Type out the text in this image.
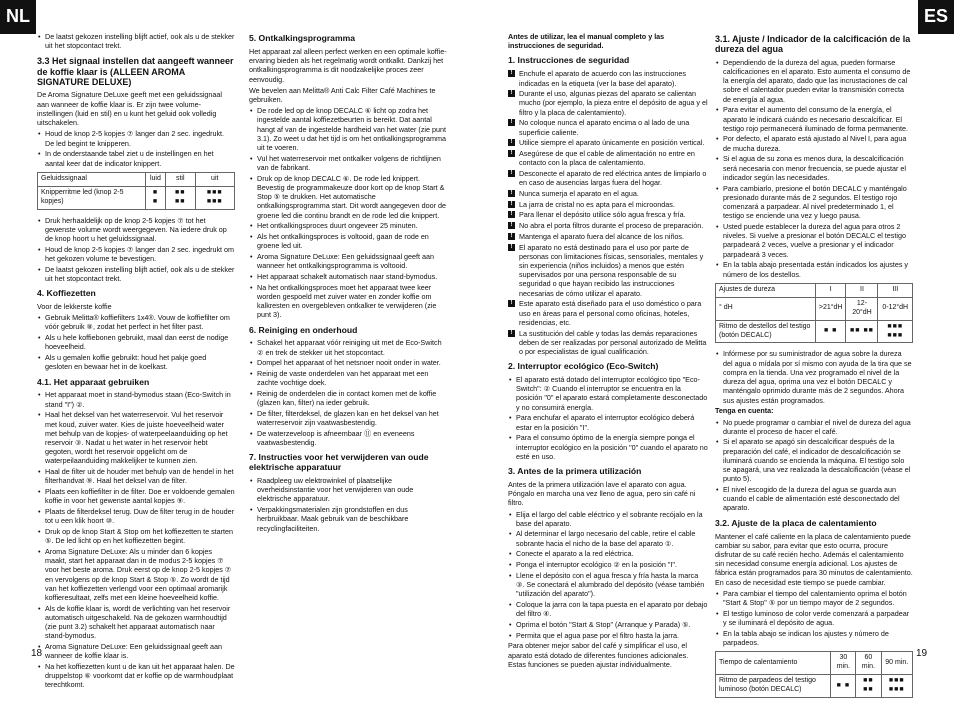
NL	ES
• De laatst gekozen instelling blijft actief, ook als u de stekker uit het stopcontact trekt.
3.3 Het signaal instellen dat aangeeft wanneer de koffie klaar is (ALLEEN AROMA SIGNATURE DELUXE)

De Aroma Signature DeLuxe geeft met een geluidssignaal aan wanneer de koffie klaar is. Er zijn twee volume-instellingen (luid en stil) en u kunt het geluid ook volledig uitschakelen.

• Houd de knop 2-5 kopjes ⑦ langer dan 2 sec. ingedrukt. De led begint te knipperen.
• In de onderstaande tabel ziet u de instellingen en het aantal keer dat de indicator knippert.
Geluidssignaal	luid	stil	uit
Knipperritme led (knop 2-5 kopjes)	■ ■	■■ ■■	■■■ ■■■
• Druk herhaaldelijk op de knop 2-5 kopjes ⑦ tot het gewenste volume wordt weergegeven. Na iedere druk op de knop hoort u het geluidssignaal.
• Houd de knop 2-5 kopjes ⑦ langer dan 2 sec. ingedrukt om het gekozen volume te bevestigen.
• De laatst gekozen instelling blijft actief, ook als u de stekker uit het stopcontact trekt.
4. Koffiezetten

Voor de lekkerste koffie

• Gebruik Melitta® koffiefilters 1x4®. Vouw de koffiefilter om vóór gebruik ⑧, zodat het perfect in het filter past.
• Als u hele koffiebonen gebruikt, maal dan eerst de nodige hoeveelheid.
• Als u gemalen koffie gebruikt: houd het pakje goed gesloten en bewaar het in de koelkast.
4.1. Het apparaat gebruiken
• Het apparaat moet in stand-bymodus staan (Eco-Switch in stand "I") ②.
• Haal het deksel van het waterreservoir. Vul het reservoir met koud, zuiver water. Kies de juiste hoeveelheid water met behulp van de kopjes- of waterpeelaanduiding op het reservoir ③. Nadat u het water in het reservoir hebt gegoten, wordt het reservoir opgelicht om de waterpeilaanduiding makkelijker te kunnen zien.
• Haal de filter uit de houder met behulp van de hendel in het filterhandvat ⑨. Haal het deksel van de filter.
• Plaats een koffiefilter in de filter. Doe er voldoende gemalen koffie in voor het gewenste aantal kopjes ⑨.
• Plaats de filterdeksel terug. Duw de filter terug in de houder tot u een klik hoort ⑩.
• Druk op de knop Start & Stop om het koffiezetten te starten ⑤. De led licht op en het koffiezetten begint.
• Aroma Signature DeLuxe: Als u minder dan 6 kopjes maakt, start het apparaat dan in de modus 2-5 kopjes ⑦ voor het beste aroma. Druk eerst op de knop 2-5 kopjes ⑦ en vervolgens op de knop Start & Stop ⑤. Zo wordt de tijd van het koffiezetten verlengd voor een optimaal aromarijk koffieresultaat, zelfs met een kleine hoeveelheid koffie.
• Als de koffie klaar is, wordt de verlichting van het reservoir automatisch uitgeschakeld. Na de gekozen warmhoudtijd (zie punt 3.2) schakelt het apparaat automatisch naar stand-bymodus.
• Aroma Signature DeLuxe: Een geluidssignaal geeft aan wanneer de koffie klaar is.
• Na het koffiezetten kunt u de kan uit het apparaat halen. De druppelstop ⑥ voorkomt dat er koffie op de warmhoudplaat terechtkomt.
5. Ontkalkingsprogramma

Het apparaat zal alleen perfect werken en een optimale koffie-ervaring bieden als het regelmatig wordt ontkalkt. Dankzij het ontkalkingsprogramma is dit noodzakelijke proces zeer eenvoudig.

We bevelen aan Melitta® Anti Calc Filter Café Machines te gebruiken.

• De rode led op de knop DECALC ⑥ licht op zodra het ingestelde aantal koffiezetbeurten is bereikt. Dat aantal hangt af van de ingestelde hardheid van het water (zie punt 3.1). Zo weet u dat het tijd is om het ontkalkingsprogramma uit te voeren.
• Vul het waterreservoir met ontkalker volgens de richtlijnen van de fabrikant.
• Druk op de knop DECALC ⑥. De rode led knippert. Bevestig de programmakeuze door kort op de knop Start & Stop ⑤ te drukken. Het automatische ontkalkingsprogramma start. Dit wordt aangegeven door de groene led die continu brandt en de rode led die knippert.
• Het ontkalkingsproces duurt ongeveer 25 minuten.
• Als het ontkalkingsproces is voltooid, gaan de rode en groene led uit.
• Aroma Signature DeLuxe: Een geluidssignaal geeft aan wanneer het ontkalkingsprogramma is voltooid.
• Het apparaat schakelt automatisch naar stand-bymodus.
• Na het ontkalkingsproces moet het apparaat twee keer worden gespoeld met zuiver water en zonder koffie om kalkresten en overgebleven ontkalker te verwijderen (zie punt 3).
6. Reiniging en onderhoud
• Schakel het apparaat vóór reiniging uit met de Eco-Switch ② en trek de stekker uit het stopcontact.
• Dompel het apparaat of het netsnoer nooit onder in water.
• Reinig de vaste onderdelen van het apparaat met een zachte vochtige doek.
• Reinig de onderdelen die in contact komen met de koffie (glazen kan, filter) na ieder gebruik.
• De filter, filterdeksel, de glazen kan en het deksel van het waterreservoir zijn vaatwasbestendig.
• De waterzeveloop is afneembaar ⑪ en eveneens vaatwasbestendig.
7. Instructies voor het verwijderen van oude elektrische apparatuur
• Raadpleeg uw elektrowinkel of plaatselijke overheidsinstantie voor het verwijderen van oude elektrische apparatuur.
• Verpakkingsmaterialen zijn grondstoffen en dus herbruikbaar. Maak gebruik van de beschikbare recyclingfaciliteiten.

Antes de utilizar, lea el manual completo y las instrucciones de seguridad.

1. Instrucciones de seguridad
! Enchufe el aparato de acuerdo con las instrucciones indicadas en la etiqueta (ver la base del aparato).
! Durante el uso, algunas piezas del aparato se calientan mucho (por ejemplo, la pieza entre el depósito de agua y el filtro y la placa de calentamiento).
! No coloque nunca el aparato encima o al lado de una superficie caliente.
! Utilice siempre el aparato únicamente en posición vertical.
! Asegúrese de que el cable de alimentación no entre en contacto con la placa de calentamiento.
! Desconecte el aparato de red eléctrica antes de limpiarlo o en caso de ausencias largas fuera del hogar.
! Nunca sumerja el aparato en el agua.
! La jarra de cristal no es apta para el microondas.
! Para llenar el depósito utilice sólo agua fresca y fría.
! No abra el porta filtros durante el proceso de preparación.
! Mantenga el aparato fuera del alcance de los niños.
! El aparato no está destinado para el uso por parte de personas con limitaciones físicas, sensoriales, mentales y sin experiencia (niños incluidos) a menos que estén supervisados por una persona responsable de su seguridad o que hayan recibido las instrucciones necesarias de cómo utilizar el aparato.
! Este aparato está diseñado para el uso doméstico o para uso en áreas para el personal como oficinas, hoteles, residencias, etc.
! La sustitución del cable y todas las demás reparaciones deben de ser realizadas por personal autorizado de Melitta o por especialistas de igual cualificación.
2. Interruptor ecológico (Eco-Switch)
• El aparato está dotado del interruptor ecológico tipo "Eco-Switch": ② Cuando el interruptor se encuentra en la posición "0" el aparato estará completamente desconectado y no consumirá energía.
• Para enchufar el aparato el interruptor ecológico deberá estar en la posición "I".
• Para el consumo óptimo de la energía siempre ponga el interruptor ecológico en la posición "0" cuando el aparato no esté en uso.
3. Antes de la primera utilización

Antes de la primera utilización lave el aparato con agua. Póngalo en marcha una vez lleno de agua, pero sin café ni filtro.

• Elija el largo del cable eléctrico y el sobrante recójalo en la base del aparato.
• Al determinar el largo necesario del cable, retire el cable sobrante hacia el nicho de la base del aparato ①.
• Conecte el aparato a la red eléctrica.
• Ponga el interruptor ecológico ② en la posición "I".
• Llene el depósito con el agua fresca y fría hasta la marca ③. Se conectará el alumbrado del depósito (véase también "utilización del aparato").
• Coloque la jarra con la tapa puesta en el aparato por debajo del filtro ④.
• Oprima el botón "Start & Stop" (Arranque y Parada) ⑤.
• Permita que el agua pase por el filtro hasta la jarra.

Para obtener mejor sabor del café y simplificar el uso, el aparato está dotado de diferentes funciones adicionales. Estas funciones se pueden ajustar individualmente.

3.1. Ajuste / Indicador de la calcificación de la dureza del agua
• Dependiendo de la dureza del agua, pueden formarse calcificaciones en el aparato. Esto aumenta el consumo de la energía del aparato, dado que las incrustaciones de cal sobre el calentador pueden evitar la transmisión correcta de energía al agua.
• Para evitar el aumento del consumo de la energía, el aparato le indicará cuándo es necesario descalcificar. El testigo rojo permanecerá iluminado de forma permanente.
• Por defecto, el aparato está ajustado al Nivel I, para agua de mucha dureza.
• Si el agua de su zona es menos dura, la descalcificación será necesaria con menor frecuencia, se puede ajustar el indicador según las necesidades.
• Para cambiarlo, presione el botón DECALC y manténgalo presionado durante más de 2 segundos. El testigo rojo comenzará a parpadear. Al nivel predeterminado 1, el testigo se enciende una vez y luego pausa.
• Usted puede establecer la dureza del agua para otros 2 niveles. Si vuelve a presionar el botón DECALC el testigo parpadeará 2 veces, vuelve a presionar y el indicador parpadeará 3 veces.
• En la tabla abajo presentada están indicados los ajustes y número de los destellos.
Ajustes de dureza	I	II	III
° dH	>21°dH	12-20°dH	0-12°dH
Ritmo de destellos del testigo (botón DECALC)	■ ■	■■ ■■	■■■ ■■■
• Infórmese por su suministrador de agua sobre la dureza del agua o mídala por sí mismo con ayuda de la tira que se compra en la tienda. Una vez programado el nivel de la dureza del agua, oprima una vez el botón DECALC y manténgalo oprimido durante más de 2 segundos. Ahora sus ajustes están programados.

Tenga en cuenta:

• No puede programar o cambiar el nivel de dureza del agua durante el proceso de hacer el café.
• Si el aparato se apagó sin descalcificar después de la preparación del café, el indicador de descalcificación se iluminará cuando se encienda la máquina. El testigo solo se apagará, una vez realizada la descalcificación (véase el punto 5).
• El nivel escogido de la dureza del agua se guarda aun cuando el cable de alimentación esté desconectado del aparato.
3.2. Ajuste de la placa de calentamiento

Mantener el café caliente en la placa de calentamiento puede cambiar su sabor, para evitar que esto ocurra, procure disfrutar de su café recién hecho. Además el calentamiento sin necesidad consume energía adicional. Los ajustes de fábrica están programados para 30 minutos de calentamiento. En caso de necesidad este tiempo se puede cambiar.

• Para cambiar el tiempo del calentamiento oprima el botón "Start & Stop" ⑤ por un tiempo mayor de 2 segundos.
• El testigo luminoso de color verde comenzará a parpadear y se iluminará el depósito de agua.
• En la tabla abajo se indican los ajustes y número de parpadeos.
Tiempo de calentamiento	30 min.	60 min.	90 min.
Ritmo de parpadeos del testigo luminoso (botón DECALC)	■ ■	■■ ■■	■■■ ■■■
18	19
